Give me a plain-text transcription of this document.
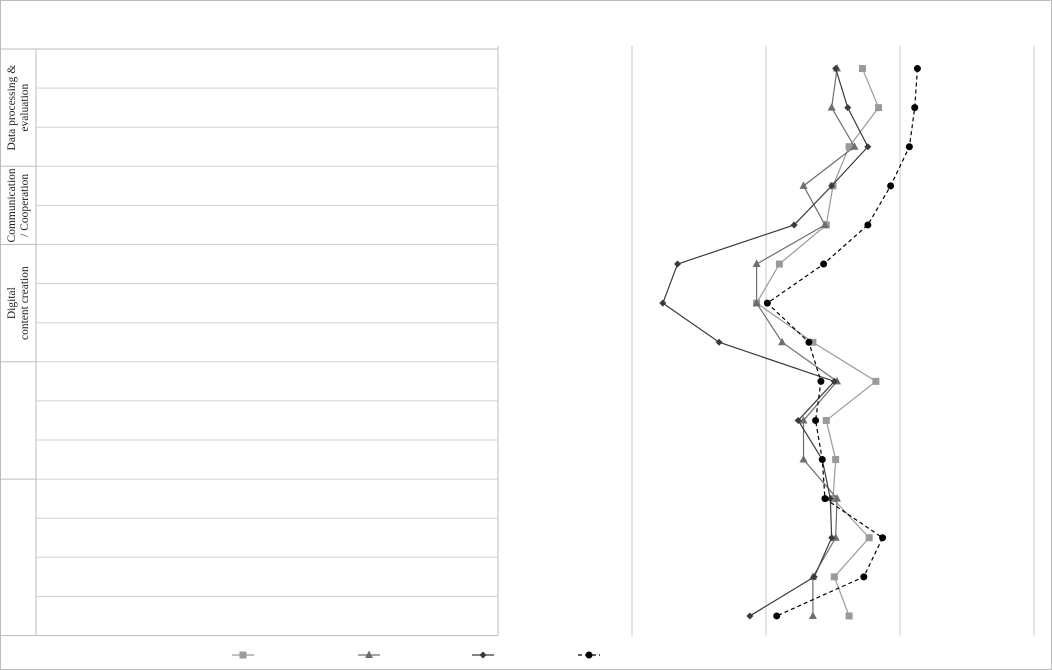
Data processing &evaluation
Communication/ Cooperation
Digitalcontent creation
